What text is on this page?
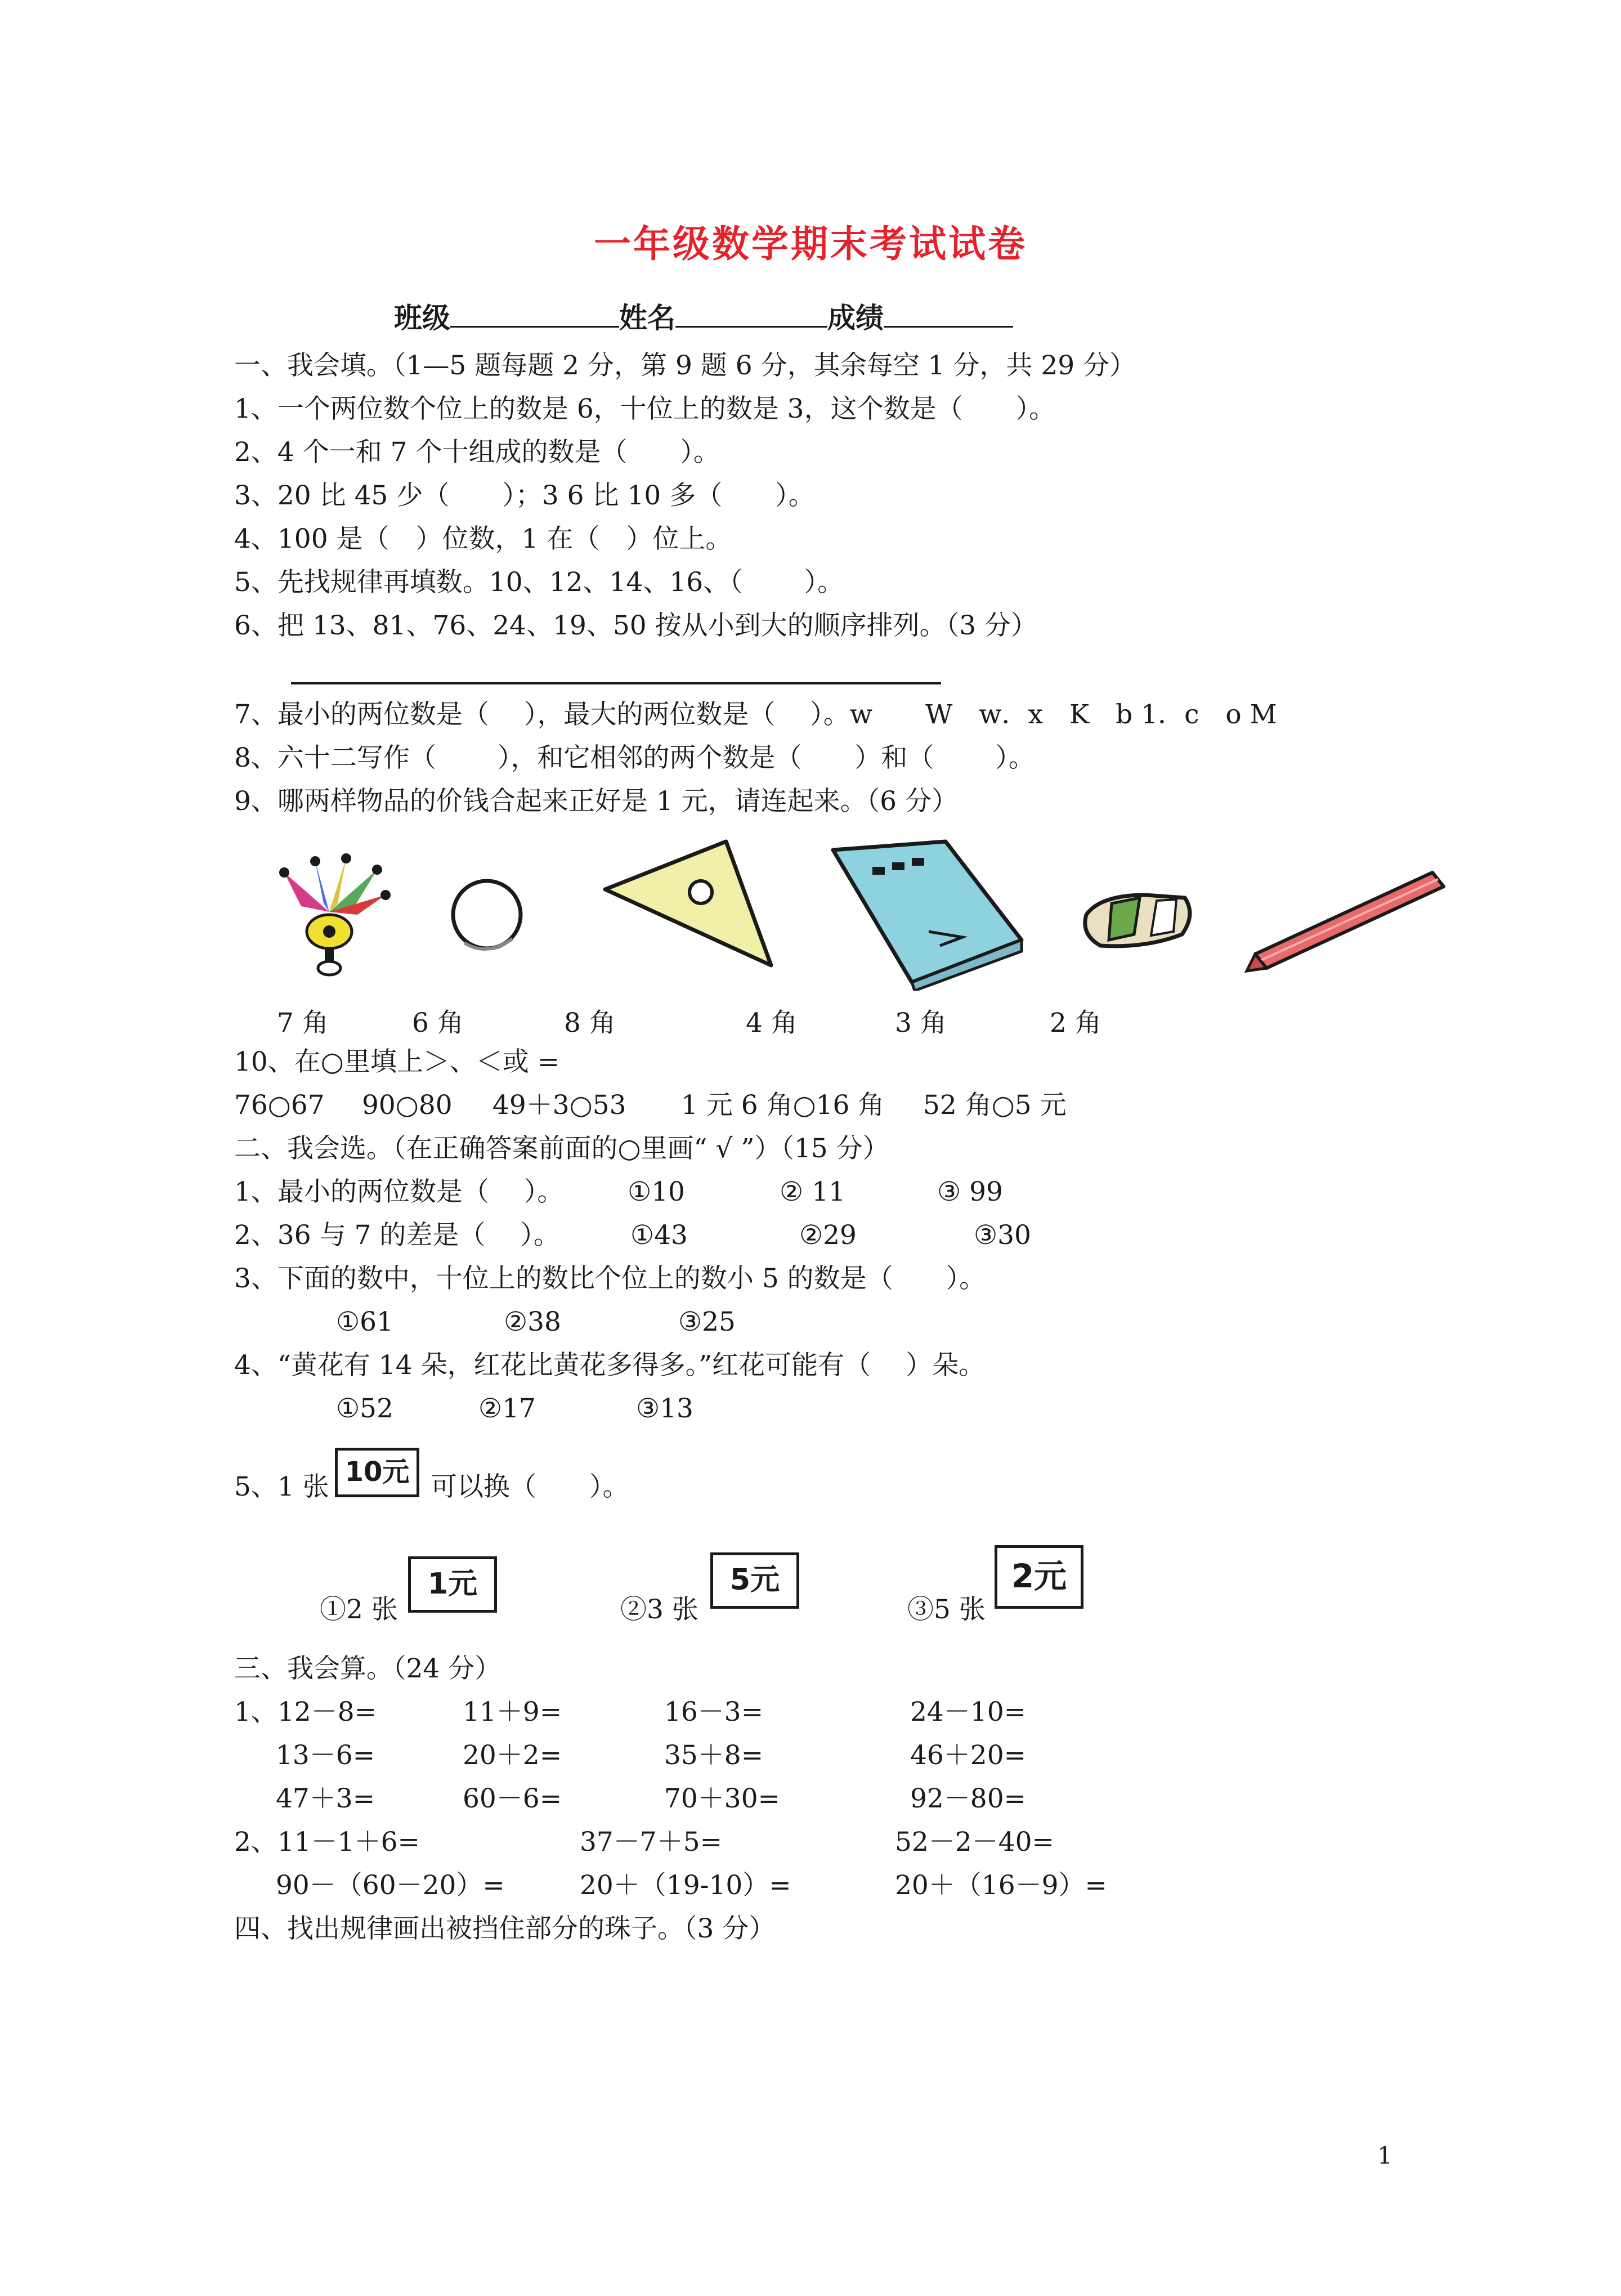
一年级数学期末考试试卷
班级	姓名	成绩
一、我会填。（1—5 题每题 2 分，第 9 题 6 分，其余每空 1 分，共 29 分）
1、一个两位数个位上的数是 6，十位上的数是 3，这个数是（　　）。
2、4 个一和 7 个十组成的数是（　　）。
3、20 比 45 少（　　）；3 6 比 10 多（　　）。
4、100 是（　）位数，1 在（　）位上。
5、先找规律再填数。10、12、14、16、（　　 ）。
6、把 13、81、76、24、19、50 按从小到大的顺序排列。（3 分）
7、最小的两位数是（　 ），最大的两位数是（　 ）。w　　W　w．x　K　b 1．c　o M
8、六十二写作（　　 ），和它相邻的两个数是（　　）和（　　 ）。
9、哪两样物品的价钱合起来正好是 1 元，请连起来。（6 分）
7 角	6 角	8 角	4 角	3 角	2 角
10、在○里填上＞、＜或 =
76○67 90○80 49＋3○53 1 元 6 角○16 角 52 角○5 元
二、我会选。（在正确答案前面的○里画“ √ ”）（15 分）
1、最小的两位数是（　 ）。 ①10	② 11	③ 99
2、36 与 7 的差是（　 ）。	①43	②29	③30
3、下面的数中，十位上的数比个位上的数小 5 的数是（　　）。
①61	②38	③25
4、“黄花有 14 朵，红花比黄花多得多。”红花可能有（　 ）朵。
①52	②17	③13
5、1 张 10元 可以换（　　）。
①2 张
1元
②3 张
5元
③5 张
2元
三、我会算。（24 分）
1、12－8=	11＋9=	16－3=	24－10=
13－6=	20＋2=	35＋8=	46＋20=
47＋3=	60－6=	70＋30=	92－80=
2、11－1＋6=	37－7＋5=	52－2－40=
90－（60－20）=	20＋（19-10）=	20＋（16－9）=
四、找出规律画出被挡住部分的珠子。（3 分）
1
